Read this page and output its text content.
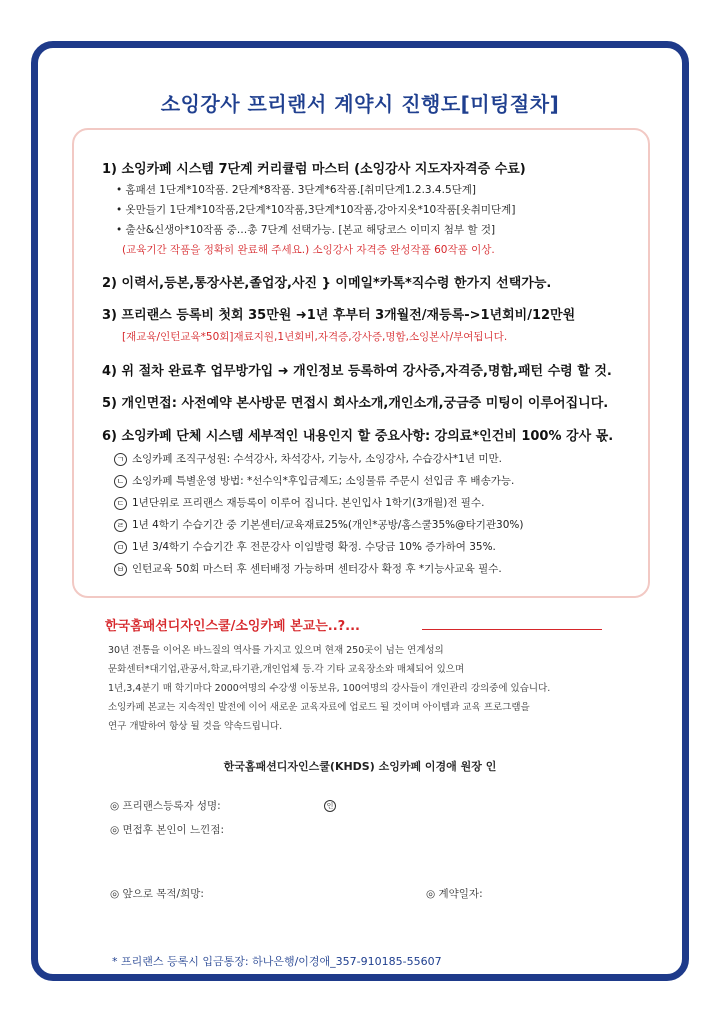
소잉강사 프리랜서 계약시 진행도[미팅절차]
1) 소잉카페 시스템 7단계 커리큘럼 마스터 (소잉강사 지도자자격증 수료)
• 홈패션 1단계*10작품. 2단계*8작품. 3단계*6작품.[취미단계1.2.3.4.5단계]
• 옷만들기 1단계*10작품,2단계*10작품,3단계*10작품,강아지옷*10작품[옷취미단계]
• 출산&신생아*10작품 중…총 7단계 선택가능. [본교 해당코스 이미지 첨부 할 것]
(교육기간 작품을 정확히 완료해 주세요.) 소잉강사 자격증 완성작품 60작품 이상.
2) 이력서,등본,통장사본,졸업장,사진 } 이메일*카톡*직수령 한가지 선택가능.
3) 프리랜스 등록비 첫회 35만원 ➜1년 후부터 3개월전/재등록->1년회비/12만원
[재교육/인턴교육*50회]재료지원,1년회비,자격증,강사증,명함,소잉본사/부여됩니다.
4) 위 절차 완료후 업무방가입 ➜ 개인정보 등록하여 강사증,자격증,명함,패턴 수령 할 것.
5) 개인면접: 사전예약 본사방문 면접시 회사소개,개인소개,궁금증 미팅이 이루어집니다.
6) 소잉카페 단체 시스템 세부적인 내용인지 할 중요사항: 강의료*인건비 100% 강사 몫.
ㄱ 소잉카페 조직구성원: 수석강사, 차석강사, 기능사, 소잉강사, 수습강사*1년 미만.
ㄴ 소잉카페 특별운영 방법: *선수익*후입금제도; 소잉물류 주문시 선입금 후 배송가능.
ㄷ 1년단위로 프리랜스 재등록이 이루어 집니다. 본인입사 1학기(3개월)전 필수.
ㄹ 1년 4학기 수습기간 중 기본센터/교육재료25%(개인*공방/홈스쿨35%@타기관30%)
ㅁ 1년 3/4학기 수습기간 후 전문강사 이임발령 확정. 수당금 10% 증가하여 35%.
ㅂ 인턴교육 50회 마스터 후 센터배정 가능하며 센터강사 확정 후 *기능사교육 필수.
한국홈패션디자인스쿨/소잉카페 본교는..?...
30년 전통을 이어온 바느질의 역사를 가지고 있으며 현재 250곳이 넘는 연계성의
문화센터*대기업,관공서,학교,타기관,개인업체 등.각 기타 교육장소와 매체되어 있으며
1년,3,4분기 매 학기마다 2000여명의 수강생 이동보유, 100여명의 강사들이 개인관리 강의중에 있습니다.
소잉카페 본교는 지속적인 발전에 이어 새로운 교육자료에 업로드 될 것이며 아이템과 교육 프로그램을
연구 개발하여 항상 될 것을 약속드립니다.
한국홈패션디자인스쿨(KHDS) 소잉카페 이경애 원장 인
◎ 프리랜스등록자 성명:	인
◎ 면접후 본인이 느낀점:
◎ 앞으로 목적/희망:	◎ 계약일자:
* 프리랜스 등록시 입금통장: 하나은행/이경애_357-910185-55607
